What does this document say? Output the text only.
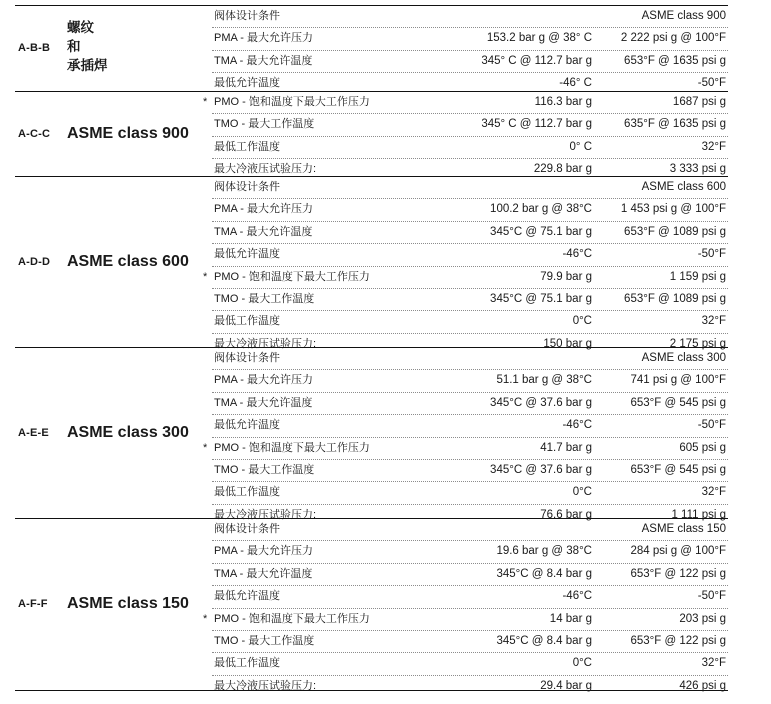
A-B-B
螺纹
和
承插焊
阀体设计条件	ASME class 900
PMA - 最大允许压力	153.2 bar g @ 38° C	2 222 psi g @ 100°F
TMA - 最大允许温度	345° C @ 112.7 bar g	653°F @ 1635 psi g
最低允许温度	-46° C	-50°F
A-C-C ASME class 900
* PMO - 饱和温度下最大工作压力	116.3 bar g	1687 psi g
TMO - 最大工作温度	345° C @ 112.7 bar g	635°F @ 1635 psi g
最低工作温度	0° C	32°F
最大冷液压试验压力:	229.8 bar g	3 333 psi g
A-D-D ASME class 600
阀体设计条件	ASME class 600
PMA - 最大允许压力	100.2 bar g @ 38°C	1 453 psi g @ 100°F
TMA - 最大允许温度	345°C @ 75.1 bar g	653°F @ 1089 psi g
最低允许温度	-46°C	-50°F
* PMO - 饱和温度下最大工作压力	79.9 bar g	1 159 psi g
TMO - 最大工作温度	345°C @ 75.1 bar g	653°F @ 1089 psi g
最低工作温度	0°C	32°F
最大冷液压试验压力:	150 bar g	2 175 psi g
A-E-E ASME class 300
阀体设计条件	ASME class 300
PMA - 最大允许压力	51.1 bar g @ 38°C	741 psi g @ 100°F
TMA - 最大允许温度	345°C @ 37.6 bar g	653°F @ 545 psi g
最低允许温度	-46°C	-50°F
* PMO - 饱和温度下最大工作压力	41.7 bar g	605 psi g
TMO - 最大工作温度	345°C @ 37.6 bar g	653°F @ 545 psi g
最低工作温度	0°C	32°F
最大冷液压试验压力:	76.6 bar g	1 111 psi g
A-F-F ASME class 150
阀体设计条件	ASME class 150
PMA - 最大允许压力	19.6 bar g @ 38°C	284 psi g @ 100°F
TMA - 最大允许温度	345°C @ 8.4 bar g	653°F @ 122 psi g
最低允许温度	-46°C	-50°F
* PMO - 饱和温度下最大工作压力	14 bar g	203 psi g
TMO - 最大工作温度	345°C @ 8.4 bar g	653°F @ 122 psi g
最低工作温度	0°C	32°F
最大冷液压试验压力:	29.4 bar g	426 psi g
